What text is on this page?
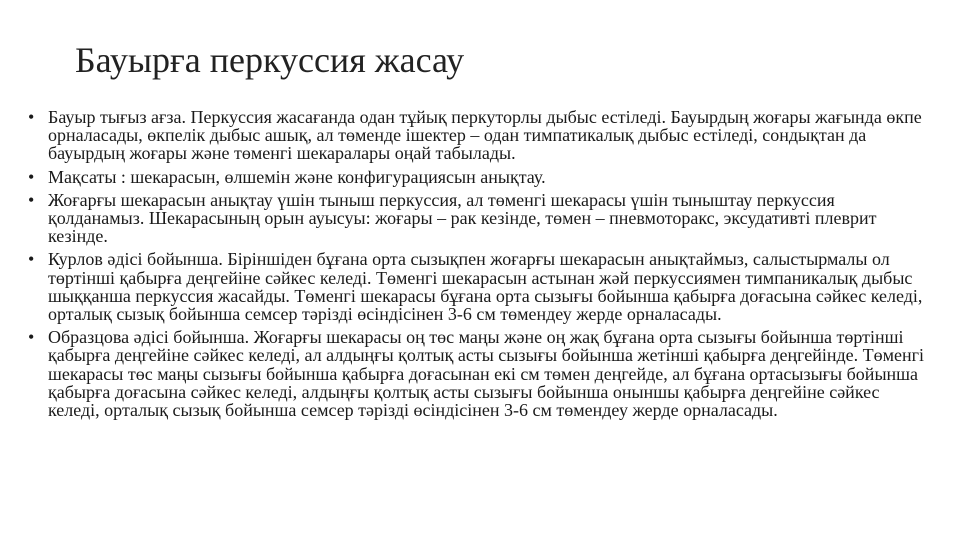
Бауырға перкуссия жасау
• Бауыр тығыз ағза. Перкуссия жасағанда одан тұйық перкуторлы дыбыс естіледі. Бауырдың жоғары жағында өкпе орналасады, өкпелік дыбыс ашық, ал төменде ішектер – одан тимпатикалық дыбыс естіледі, сондықтан да бауырдың жоғары және төменгі шекаралары оңай табылады.
• Мақсаты : шекарасын, өлшемін және конфигурациясын анықтау.
• Жоғарғы шекарасын анықтау үшін тыныш перкуссия, ал төменгі шекарасы үшін тыныштау перкуссия қолданамыз. Шекарасының орын ауысуы: жоғары – рак кезінде, төмен – пневмоторакс, эксудативті плеврит кезінде.
• Курлов әдісі бойынша. Біріншіден бұғана орта сызықпен жоғарғы шекарасын анықтаймыз, салыстырмалы ол төртінші қабырға деңгейіне сәйкес келеді. Төменгі шекарасын астынан жәй перкуссиямен тимпаникалық дыбыс шыққанша перкуссия жасайды. Төменгі шекарасы бұғана орта сызығы бойынша қабырға доғасына сәйкес келеді, орталық сызық бойынша семсер тәрізді өсіндісінен 3-6 см төмендеу жерде орналасады.
• Образцова әдісі бойынша. Жоғарғы шекарасы оң төс маңы және оң жақ бұғана орта сызығы бойынша төртінші қабырға деңгейіне сәйкес келеді, ал алдыңғы қолтық асты сызығы бойынша жетінші қабырға деңгейінде. Төменгі шекарасы төс маңы сызығы бойынша қабырға доғасынан екі см төмен деңгейде, ал бұғана ортасызығы бойынша қабырға доғасына сәйкес келеді, алдыңғы қолтық асты сызығы бойынша оныншы қабырға деңгейіне сәйкес келеді, орталық сызық бойынша семсер тәрізді өсіндісінен 3-6 см төмендеу жерде орналасады.
